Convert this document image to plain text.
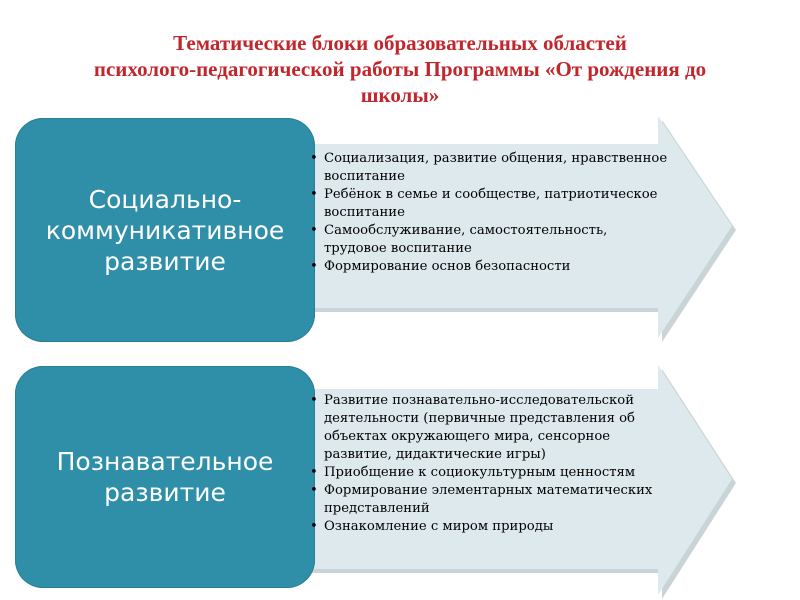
Тематические блоки образовательных областей
психолого-педагогической работы Программы «От рождения до
школы»
Социально-коммуникативное развитие
• Социализация, развитие общения, нравственное воспитание
• Ребёнок в семье и сообществе, патриотическое воспитание
• Самообслуживание, самостоятельность, трудовое воспитание
• Формирование основ безопасности
Познавательное развитие
• Развитие познавательно-исследовательской деятельности (первичные представления об объектах окружающего мира, сенсорное развитие, дидактические игры)
• Приобщение к социокультурным ценностям
• Формирование элементарных математических представлений
• Ознакомление с миром природы
